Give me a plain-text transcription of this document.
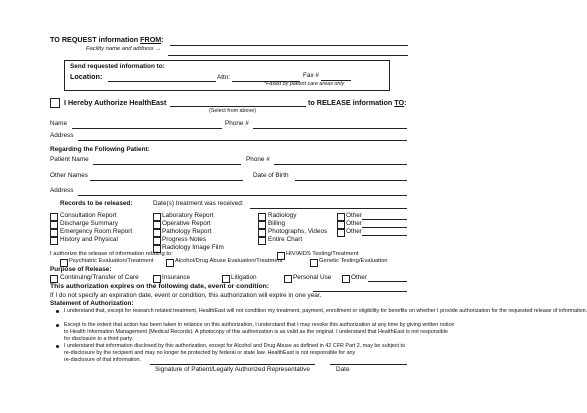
TO REQUEST information FROM:
Facility name and address →
Send requested information to:
Location:	Attn:	Fax #
*Faxed by patient care areas only
I Hereby Authorize HealthEast
(Select from above)
to RELEASE information TO:
Name	Phone #
Address
Regarding the Following Patient:
Patient Name	Phone #
Other Names	Date of Birth
Address
Records to be released:	Date(s) treatment was received:
Consultation Report
Discharge Summary
Emergency Room Report
History and Physical
Laboratory Report
Operative Report
Pathology Report
Progress Notes
Radiology Image Film
Radiology
Billing
Photographs, Videos
Entire Chart
Other
Other
Other
I authorize the release of information relating to:	HIV/AIDS Testing/Treatment
Psychiatric Evaluation/Treatment	Alcohol/Drug Abuse Evaluation/Treatment	Genetic Testing/Evaluation
Purpose of Release:
Continuing/Transfer of Care	Insurance	Litigation	Personal Use	Other
This authorization expires on the following date, event or condition:
If I do not specify an expiration date, event or condition, this authorization will expire in one year.
Statement of Authorization:
I understand that, except for research related treatment, HealthEast will not condition my treatment, payment, enrollment or eligibility for benefits on whether I provide authorization for the requested release of information.
Except to the extent that action has been taken in reliance on this authorization, I understand that I may revoke this authorization at any time by giving written notice
to Health Information Management (Medical Records). A photocopy of this authorization is as valid as the original. I understand that HealthEast is not responsible
for disclosure to a third party.
I understand that information disclosed by this authorization, except for Alcohol and Drug Abuse as defined in 42 CFR Part 2, may be subject to
re-disclosure by the recipient and may no longer be protected by federal or state law. HealthEast is not responsible for any
re-disclosure of that information.
Signature of Patient/Legally Authorized Representative	Date
